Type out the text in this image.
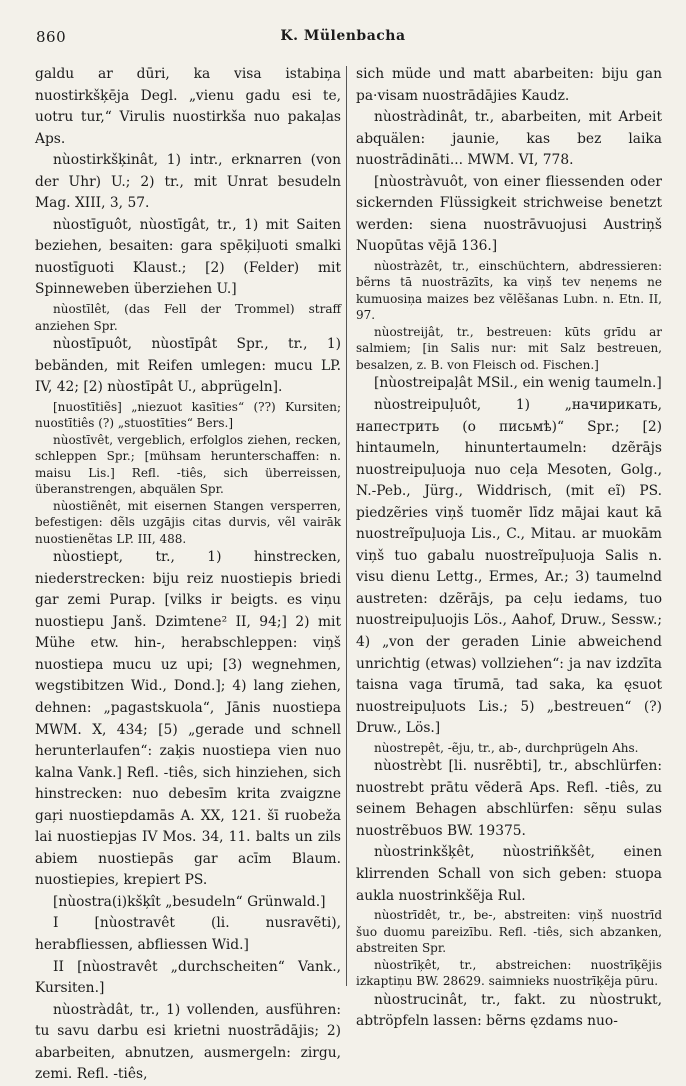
860	K. Mülenbacha

galdu ar dūri, ka visa istabiņa nuostirkšķēja Degl. „vienu gadu esi te, uotru tur,“ Virulis nuostirkša nuo pakaļas Aps.

nùostirkšķinât, 1) intr., erknarren (von der Uhr) U.; 2) tr., mit Unrat besudeln Mag. XIII, 3, 57.

nùostīguôt, nùostīgât, tr., 1) mit Saiten beziehen, besaiten: gara spēķiļuoti smalki nuostīguoti Klaust.; [2) (Felder) mit Spinneweben überziehen U.]

nùostīlêt, (das Fell der Trommel) straff anziehen Spr.

nùostīpuôt, nùostīpât Spr., tr., 1) bebänden, mit Reifen umlegen: mucu LP. IV, 42; [2) nùostīpât U., abprügeln].

[nuostītiẽs] „niezuot kasīties“ (??) Kursiten; nuostītiês (?) „stuostīties“ Bers.]

nùostīvêt, vergeblich, erfolglos ziehen, recken, schleppen Spr.; [mühsam herunterschaffen: n. maisu Lis.] Refl. -tiês, sich überreissen, überanstrengen, abquälen Spr.

nùostiẽnêt, mit eisernen Stangen versperren, befestigen: dẽls uzgājis citas durvis, vẽl vairāk nuostienẽtas LP. III, 488.

nùostiept, tr., 1) hinstrecken, niederstrecken: biju reiz nuostiepis briedi gar zemi Purap. [vilks ir beigts. es viņu nuostiepu Janš. Dzimtene² II, 94;] 2) mit Mühe etw. hin-, herabschleppen: viņš nuostiepa mucu uz upi; [3) wegnehmen, wegstibitzen Wid., Dond.]; 4) lang ziehen, dehnen: „pagastskuola“, Jānis nuostiepa MWM. X, 434; [5) „gerade und schnell herunterlaufen“: zaķis nuostiepa vien nuo kalna Vank.] Refl. -tiês, sich hinziehen, sich hinstrecken: nuo debesīm krita zvaigzne gaŗi nuostiepdamās A. XX, 121. šī ruobeža lai nuostiepjas IV Mos. 34, 11. balts un zils abiem nuostiepās gar acīm Blaum. nuostiepies, krepiert PS.

[nùostra(i)kšķît „besudeln“ Grünwald.]

I [nùostravêt (li. nusravẽti), herabfliessen, abfliessen Wid.]

II [nùostravêt „durchscheiten“ Vank., Kursiten.]

nùostràdât, tr., 1) vollenden, ausführen: tu savu darbu esi krietni nuostrādājis; 2) abarbeiten, abnutzen, ausmergeln: zirgu, zemi. Refl. -tiês,

sich müde und matt abarbeiten: biju gan pa·visam nuostrādājies Kaudz.

nùostràdinât, tr., abarbeiten, mit Arbeit abquälen: jaunie, kas bez laika nuostrādināti... MWM. VI, 778.

[nùostràvuôt, von einer fliessenden oder sickernden Flüssigkeit strichweise benetzt werden: siena nuostrāvuojusi Austriņš Nuopūtas vējā 136.]

nùostràzêt, tr., einschüchtern, abdressieren: bẽrns tā nuostrāzīts, ka viņš tev neņems ne kumuosiņa maizes bez vẽlẽšanas Lubn. n. Etn. II, 97.

nùostreijât, tr., bestreuen: kūts grīdu ar salmiem; [in Salis nur: mit Salz bestreuen, besalzen, z. B. von Fleisch od. Fischen.]

[nùostreipaļât MSil., ein wenig taumeln.]

nùostreipuļuôt, 1) „начирикать, напестрить (о письмѣ)“ Spr.; [2) hintaumeln, hinuntertaumeln: dzẽrājs nuostreipuļuoja nuo ceļa Mesoten, Golg., N.-Peb., Jürg., Widdrisch, (mit eĩ) PS. piedzẽries viņš tuomẽr līdz mājai kaut kā nuostreĩpuļuoja Lis., C., Mitau. ar muokām viņš tuo gabalu nuostreĩpuļuoja Salis n. visu dienu Lettg., Ermes, Ar.; 3) taumelnd austreten: dzẽrājs, pa ceļu iedams, tuo nuostreipuļuojis Lös., Aahof, Druw., Sessw.; 4) „von der geraden Linie abweichend unrichtig (etwas) vollziehen“: ja nav izdzīta taisna vaga tīrumā, tad saka, ka ęsuot nuostreipuļuots Lis.; 5) „bestreuen“ (?) Druw., Lös.]

nùostrepêt, -ẽju, tr., ab-, durchprügeln Ahs.

nùostrèbt [li. nusrẽbti], tr., abschlürfen: nuostrebt prātu vẽderā Aps. Refl. -tiês, zu seinem Behagen abschlürfen: sẽņu sulas nuostrẽbuos BW. 19375.

nùostrinkšķêt, nùostriñkšêt, einen klirrenden Schall von sich geben: stuopa aukla nuostrinkšẽja Rul.

nùostrīdêt, tr., be-, abstreiten: viņš nuostrīd šuo duomu pareizību. Refl. -tiês, sich abzanken, abstreiten Spr.

nùostrīķêt, tr., abstreichen: nuostrīķẽjis izkaptiņu BW. 28629. saimnieks nuostrīķẽja pūru.

nùostrucinât, tr., fakt. zu nùostrukt, abtröpfeln lassen: bẽrns ęzdams nuo-
